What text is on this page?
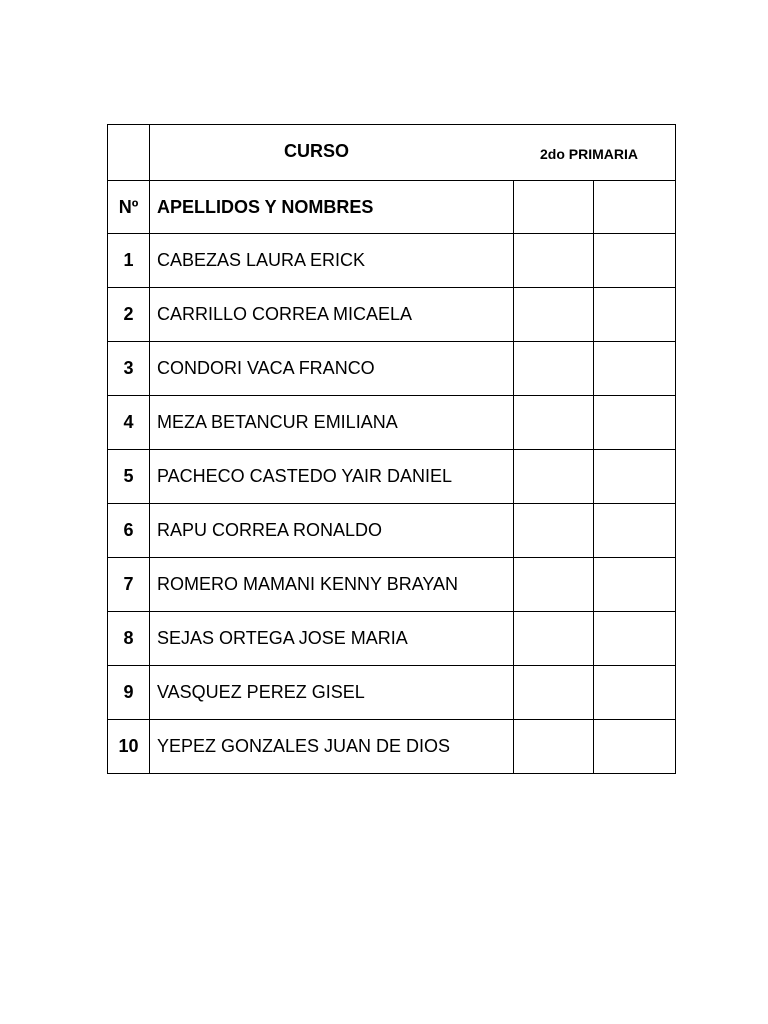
	CURSO 2do PRIMARIA		

Nº	APELLIDOS Y NOMBRES		
1	CABEZAS LAURA ERICK		
2	CARRILLO CORREA MICAELA		
3	CONDORI VACA FRANCO		
4	MEZA BETANCUR EMILIANA		
5	PACHECO CASTEDO YAIR DANIEL		
6	RAPU CORREA RONALDO		
7	ROMERO MAMANI KENNY BRAYAN		
8	SEJAS ORTEGA JOSE MARIA		
9	VASQUEZ PEREZ GISEL		
10	YEPEZ GONZALES JUAN DE DIOS		
